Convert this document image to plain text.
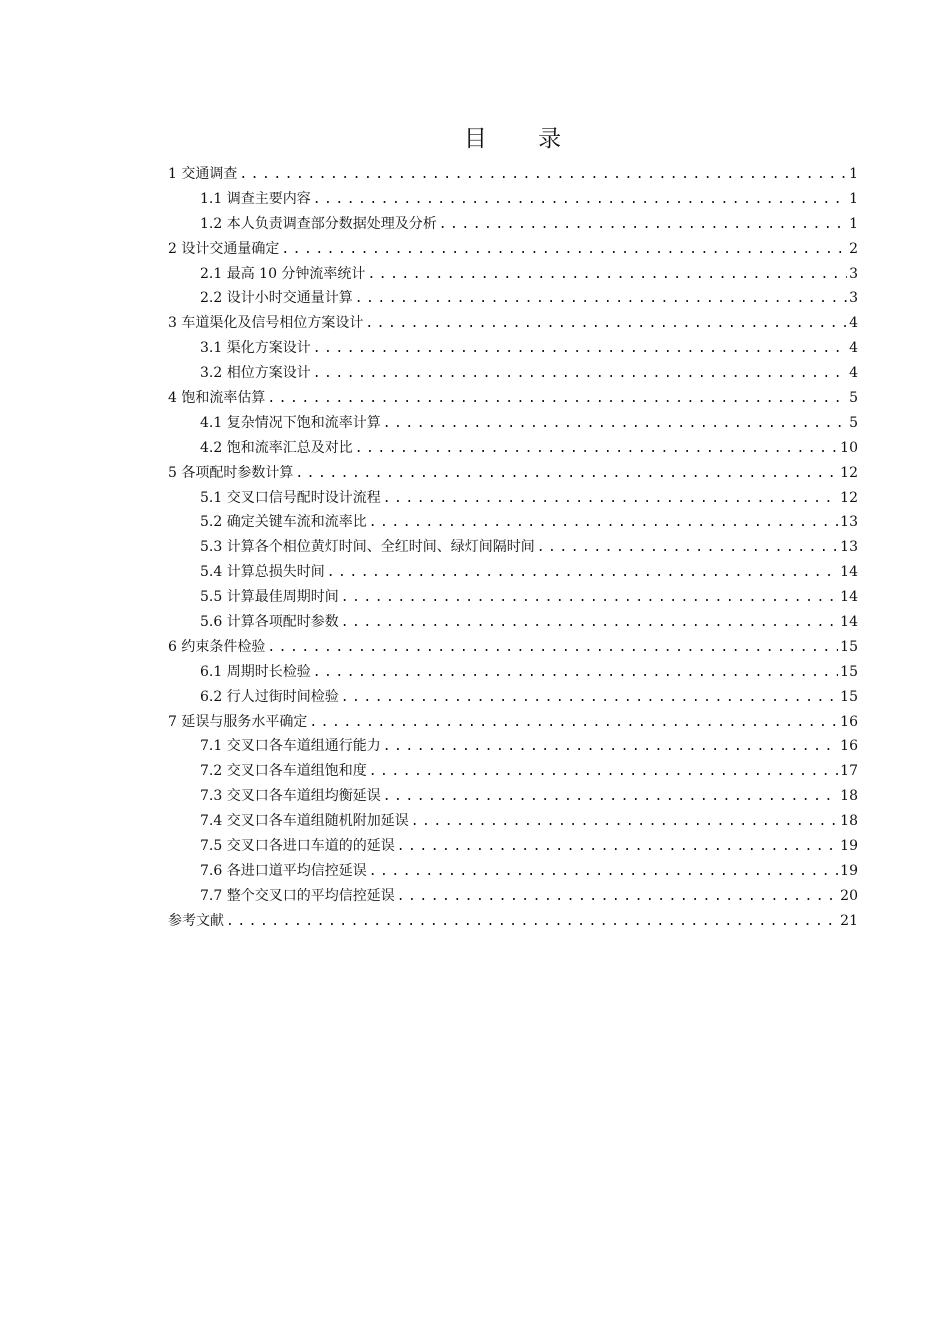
目 录
1 交通调查 .....	1
1.1 调查主要内容 .....	1
1.2 本人负责调查部分数据处理及分析 .....	1
2 设计交通量确定 .....	2
2.1 最高 10 分钟流率统计 .....	3
2.2 设计小时交通量计算 .....	3
3 车道渠化及信号相位方案设计 .....	4
3.1 渠化方案设计 .....	4
3.2 相位方案设计 .....	4
4 饱和流率估算 .....	5
4.1 复杂情况下饱和流率计算 .....	5
4.2 饱和流率汇总及对比 .....	10
5 各项配时参数计算 .....	12
5.1 交叉口信号配时设计流程 .....	12
5.2 确定关键车流和流率比 .....	13
5.3 计算各个相位黄灯时间、全红时间、绿灯间隔时间 .....	13
5.4 计算总损失时间 .....	14
5.5 计算最佳周期时间 .....	14
5.6 计算各项配时参数 .....	14
6 约束条件检验 .....	15
6.1 周期时长检验 .....	15
6.2 行人过街时间检验 .....	15
7 延误与服务水平确定 .....	16
7.1 交叉口各车道组通行能力 .....	16
7.2 交叉口各车道组饱和度 .....	17
7.3 交叉口各车道组均衡延误 .....	18
7.4 交叉口各车道组随机附加延误 .....	18
7.5 交叉口各进口车道的的延误 .....	19
7.6 各进口道平均信控延误 .....	19
7.7 整个交叉口的平均信控延误 .....	20
参考文献 .....	21
